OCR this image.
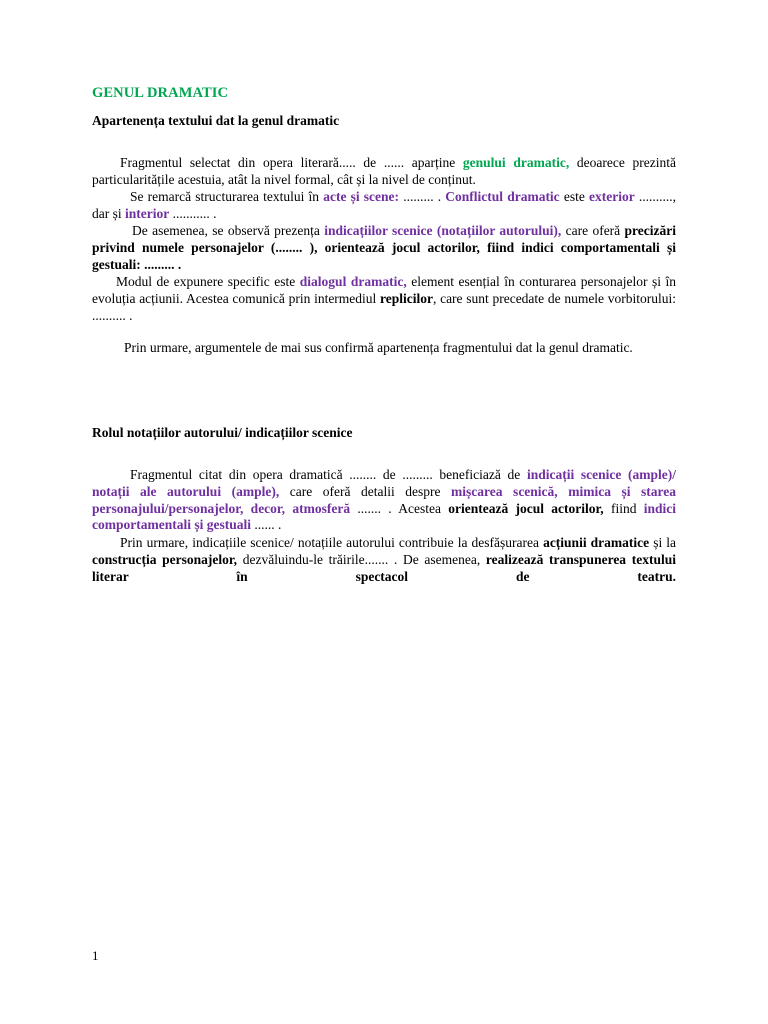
GENUL DRAMATIC
Apartenența textului dat la genul dramatic

Fragmentul selectat din opera literară..... de ...... aparține genului dramatic, deoarece prezintă particularitățile acestuia, atât la nivel formal, cât și la nivel de conținut.

Se remarcă structurarea textului în acte și scene: ......... . Conflictul dramatic este exterior .........., dar și interior ........... .

De asemenea, se observă prezența indicațiilor scenice (notațiilor autorului), care oferă precizări privind numele personajelor (........ ), orientează jocul actorilor, fiind indici comportamentali și gestuali: ......... .

Modul de expunere specific este dialogul dramatic, element esențial în conturarea personajelor și în evoluția acțiunii. Acestea comunică prin intermediul replicilor, care sunt precedate de numele vorbitorului: .......... .

Prin urmare, argumentele de mai sus confirmă apartenența fragmentului dat la genul dramatic.

Rolul notațiilor autorului/ indicațiilor scenice

Fragmentul citat din opera dramatică ........ de ......... beneficiază de indicații scenice (ample)/ notații ale autorului (ample), care oferă detalii despre mișcarea scenică, mimica și starea personajului/personajelor, decor, atmosferă ....... . Acestea orientează jocul actorilor, fiind indici comportamentali și gestuali ...... .

Prin urmare, indicațiile scenice/ notațiile autorului contribuie la desfășurarea acțiunii dramatice și la construcția personajelor, dezvăluindu-le trăirile....... . De asemenea, realizează transpunerea textului literar în spectacol de teatru.

1
